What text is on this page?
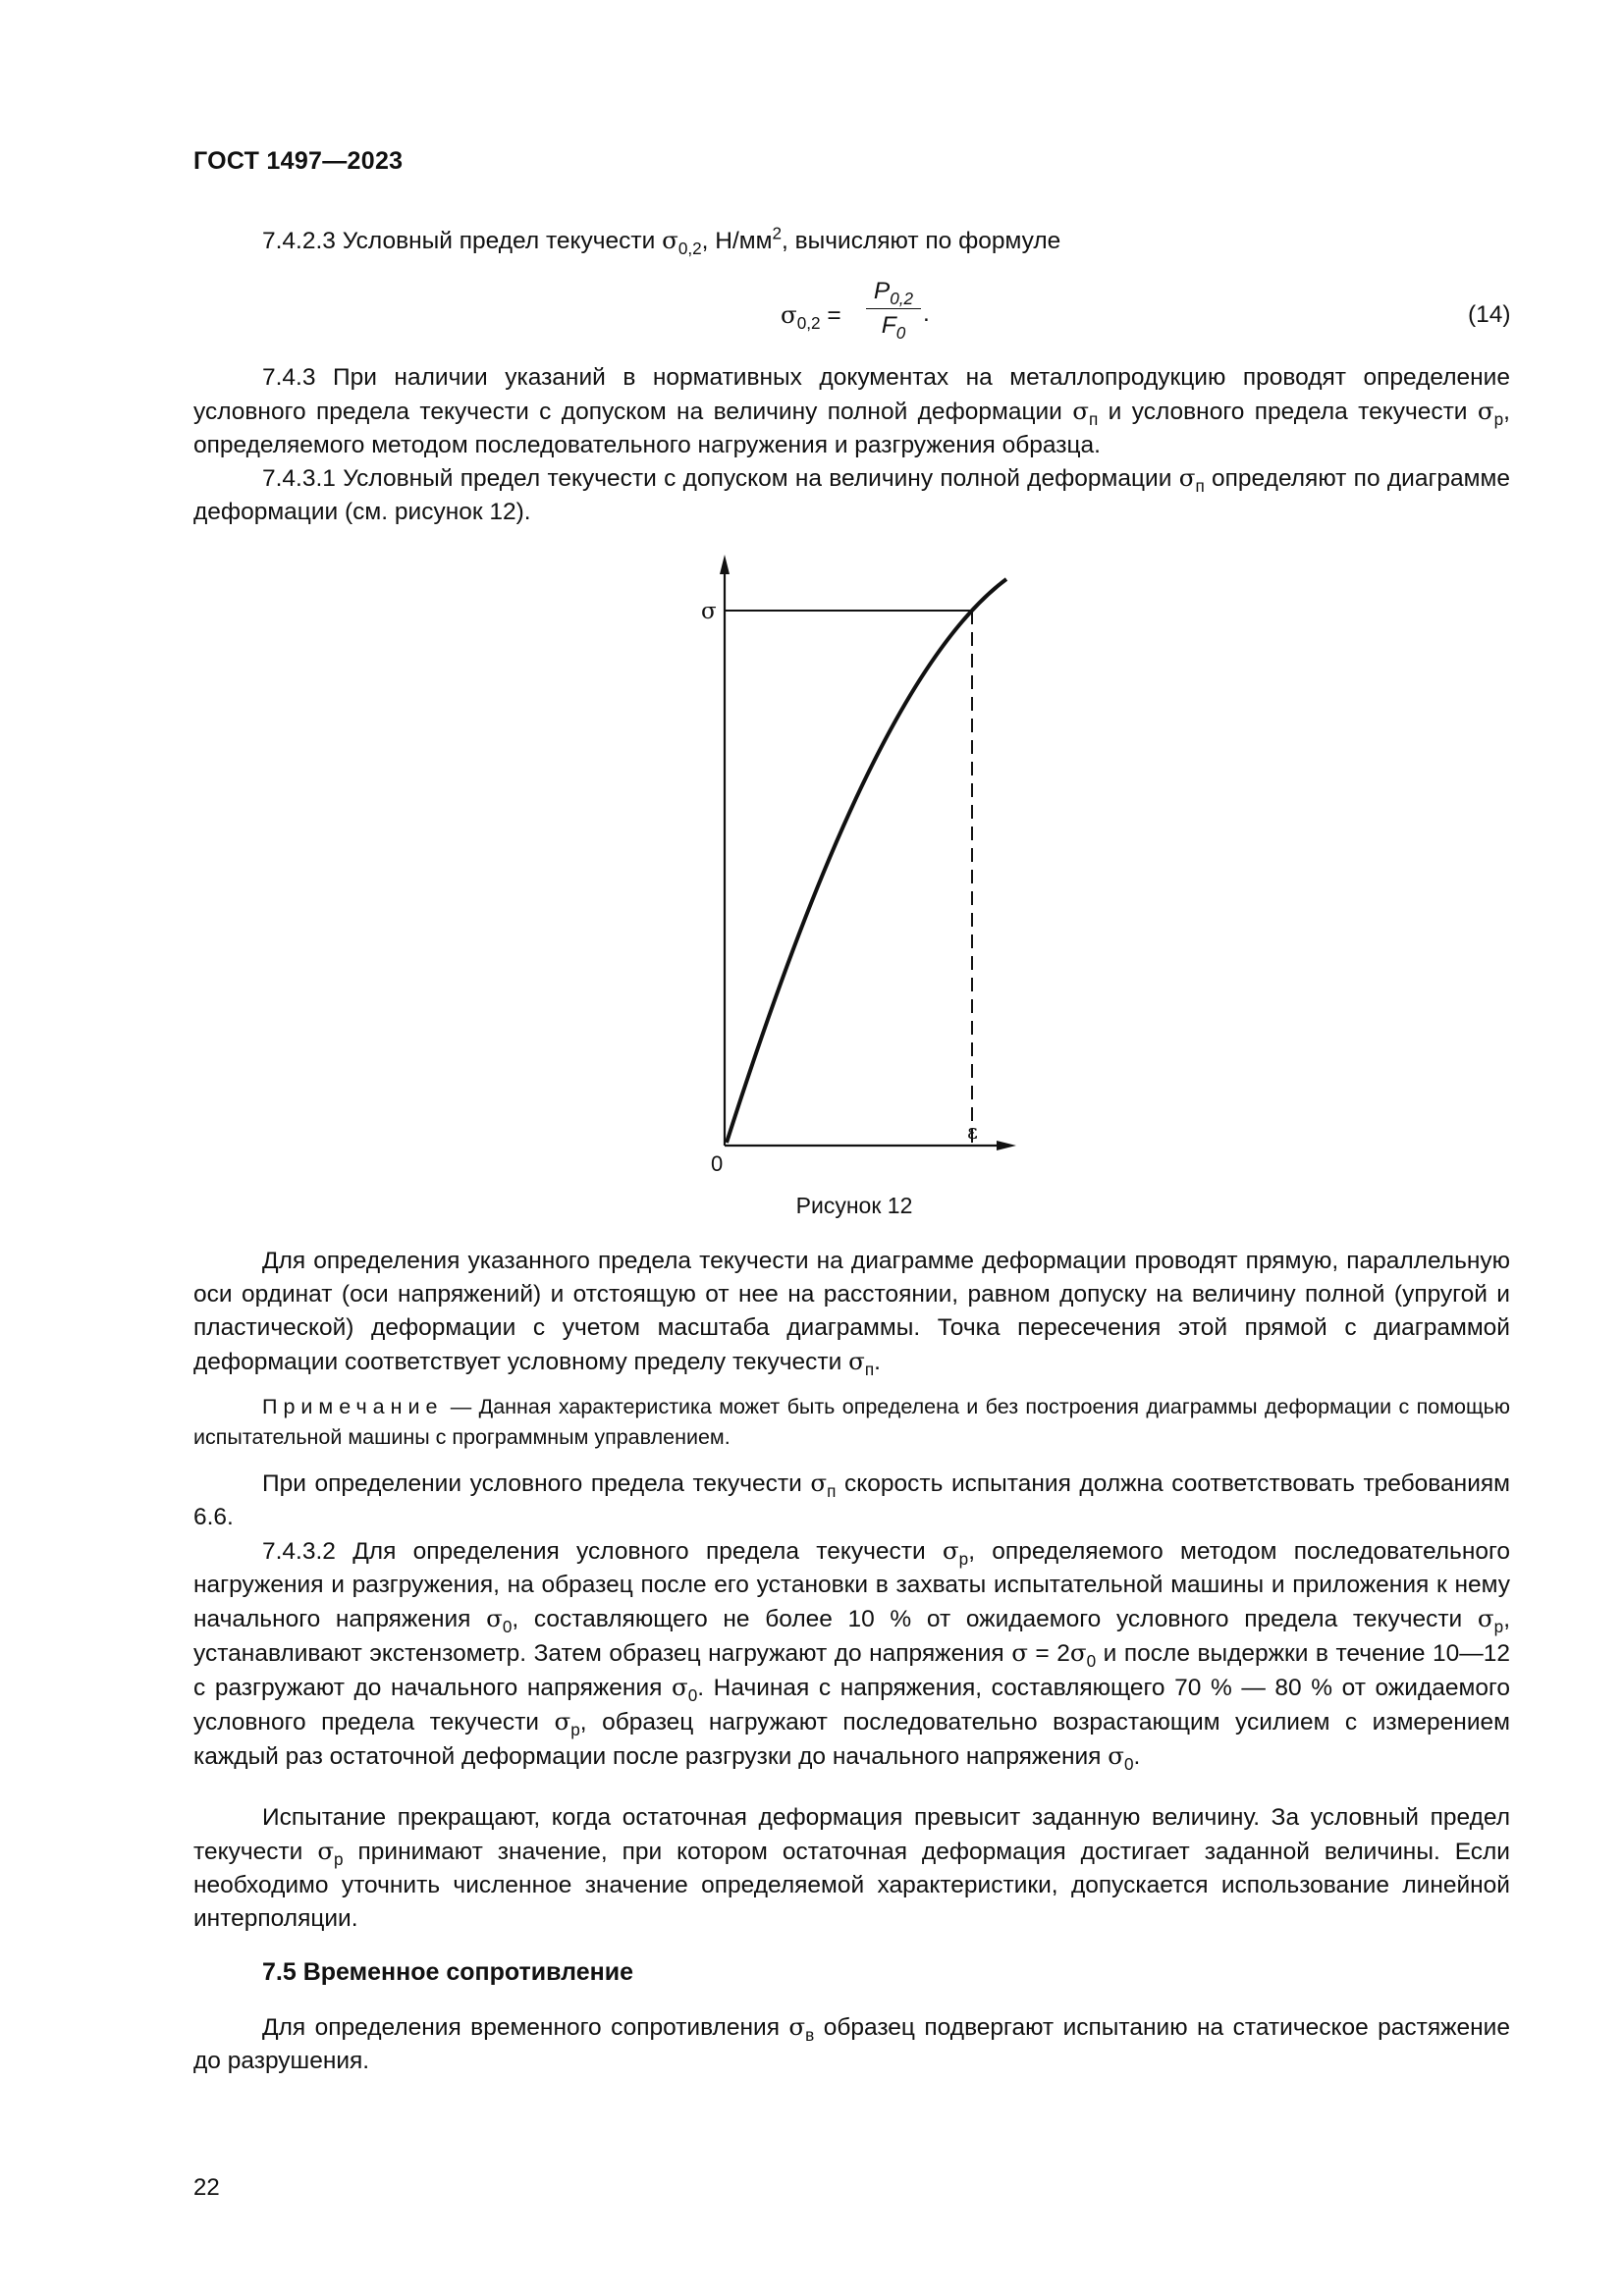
ГОСТ 1497—2023
7.4.2.3 Условный предел текучести $\sigma_{0,2}$, $Н/мм^2$, вычисляют по формуле
$\sigma_{0,2}$ =
$P_{0,2}$
$F_0$
.	(14)
7.4.3 При наличии указаний в нормативных документах на металлопродукцию проводят определение условного предела текучести с допуском на величину полной деформации $\sigma_п$ и условного предела текучести $\sigma_р$, определяемого методом последовательного нагружения и разгружения образца.
7.4.3.1 Условный предел текучести с допуском на величину полной деформации $\sigma_п$ определяют по диаграмме деформации (см. рисунок 12).
σ
0
ε
Рисунок 12
Для определения указанного предела текучести на диаграмме деформации проводят прямую, параллельную оси ординат (оси напряжений) и отстоящую от нее на расстоянии, равном допуску на величину полной (упругой и пластической) деформации с учетом масштаба диаграммы. Точка пересечения этой прямой с диаграммой деформации соответствует условному пределу текучести $\sigma_п$.
Примечание — Данная характеристика может быть определена и без построения диаграммы деформации с помощью испытательной машины с программным управлением.
При определении условного предела текучести $\sigma_п$ скорость испытания должна соответствовать требованиям 6.6.
7.4.3.2 Для определения условного предела текучести $\sigma_р$, определяемого методом последовательного нагружения и разгружения, на образец после его установки в захваты испытательной машины и приложения к нему начального напряжения $\sigma_0$, составляющего не более 10 % от ожидаемого условного предела текучести $\sigma_р$, устанавливают экстензометр. Затем образец нагружают до напряжения $\sigma = 2\sigma_0$ и после выдержки в течение 10—12 с разгружают до начального напряжения $\sigma_0$. Начиная с напряжения, составляющего 70 % — 80 % от ожидаемого условного предела текучести $\sigma_р$, образец нагружают последовательно возрастающим усилием с измерением каждый раз остаточной деформации после разгрузки до начального напряжения $\sigma_0$.
Испытание прекращают, когда остаточная деформация превысит заданную величину. За условный предел текучести $\sigma_р$ принимают значение, при котором остаточная деформация достигает заданной величины. Если необходимо уточнить численное значение определяемой характеристики, допускается использование линейной интерполяции.
7.5 Временное сопротивление
Для определения временного сопротивления $\sigma_в$ образец подвергают испытанию на статическое растяжение до разрушения.
22
